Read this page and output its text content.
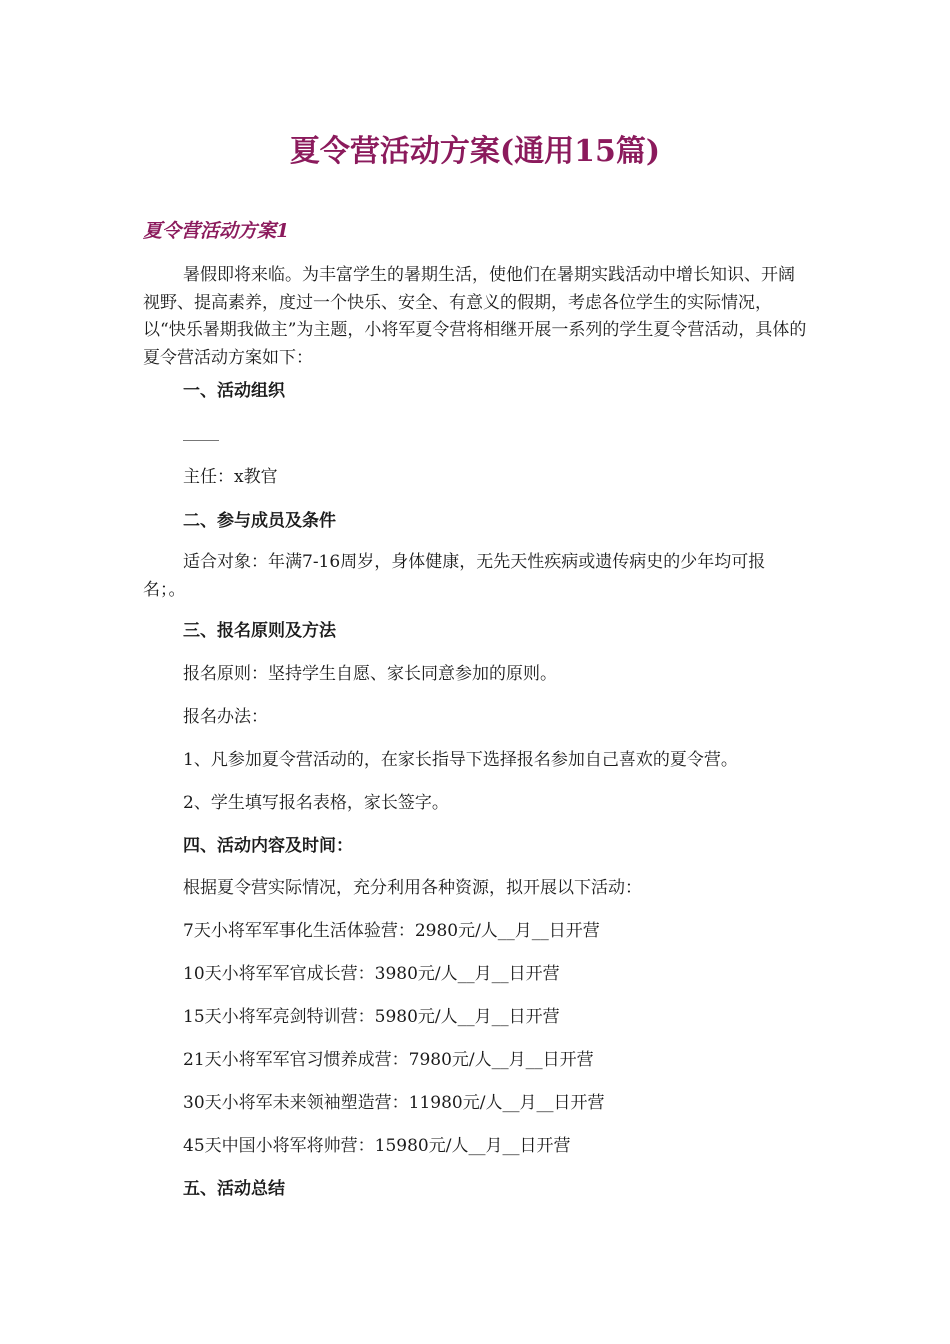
夏令营活动方案(通用15篇)
夏令营活动方案1

暑假即将来临。为丰富学生的暑期生活，使他们在暑期实践活动中增长知识、开阔视野、提高素养，度过一个快乐、安全、有意义的假期，考虑各位学生的实际情况，以“快乐暑期我做主”为主题，小将军夏令营将相继开展一系列的学生夏令营活动，具体的夏令营活动方案如下：

一、活动组织

主任：x教官

二、参与成员及条件

适合对象：年满7-16周岁，身体健康，无先天性疾病或遗传病史的少年均可报名；。

三、报名原则及方法

报名原则：坚持学生自愿、家长同意参加的原则。

报名办法：

1、凡参加夏令营活动的，在家长指导下选择报名参加自己喜欢的夏令营。

2、学生填写报名表格，家长签字。

四、活动内容及时间：

根据夏令营实际情况，充分利用各种资源，拟开展以下活动：

7天小将军军事化生活体验营：2980元/人__月__日开营

10天小将军军官成长营：3980元/人__月__日开营

15天小将军亮剑特训营：5980元/人__月__日开营

21天小将军军官习惯养成营：7980元/人__月__日开营

30天小将军未来领袖塑造营：11980元/人__月__日开营

45天中国小将军将帅营：15980元/人__月__日开营

五、活动总结
